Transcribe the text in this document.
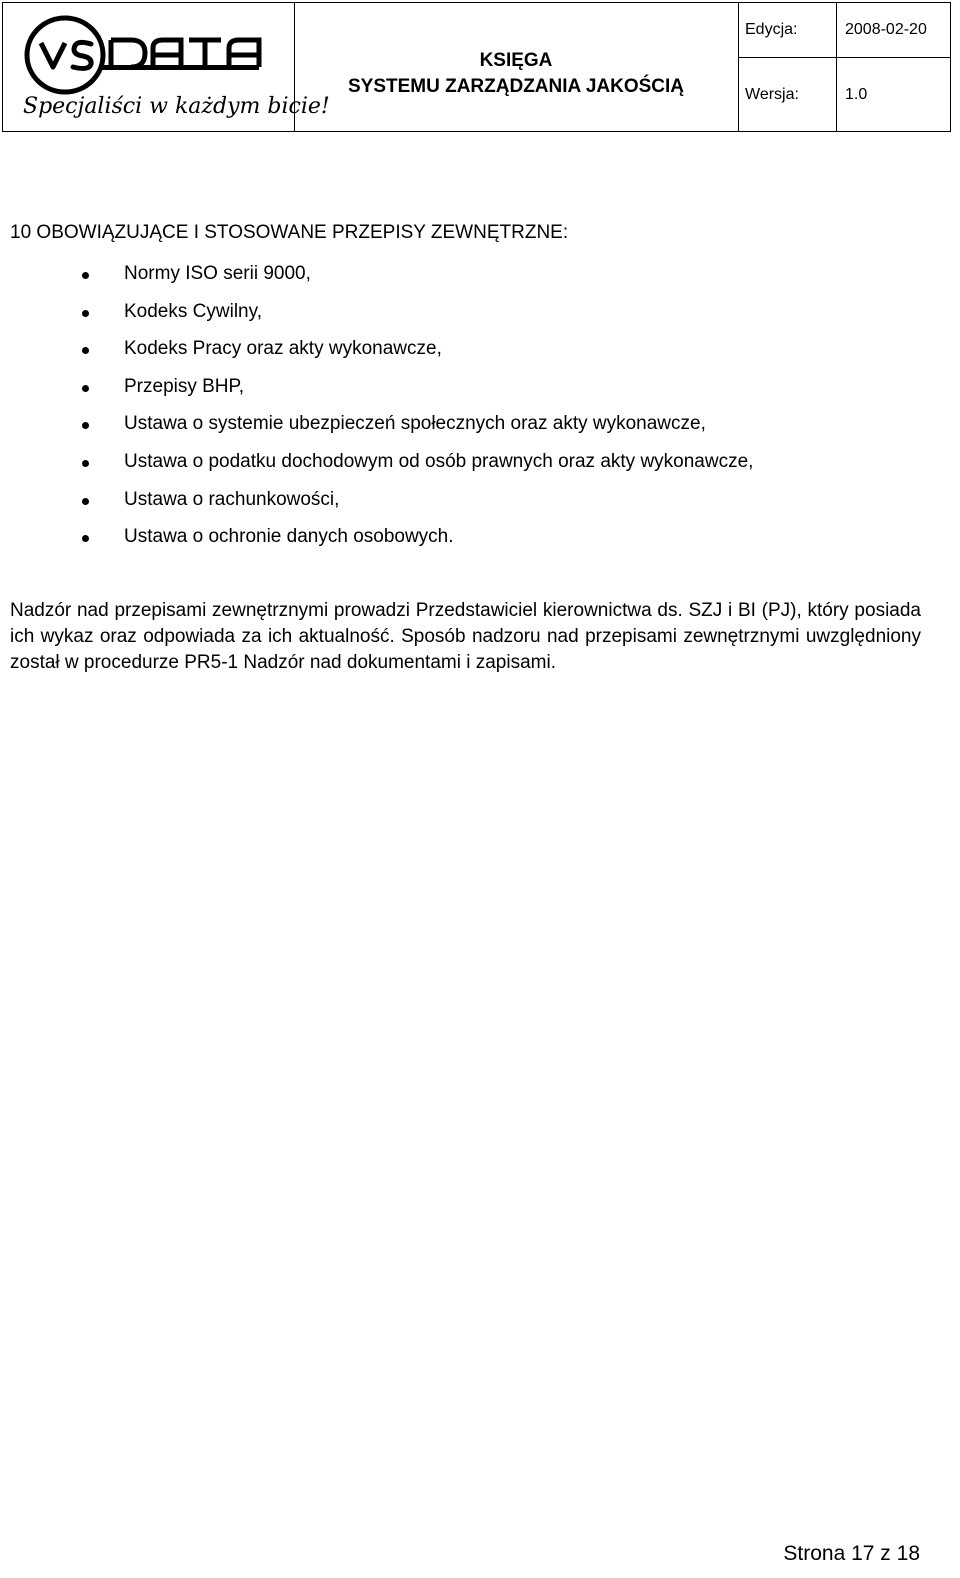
Specjaliści w każdym bicie!
KSIĘGA
SYSTEMU ZARZĄDZANIA JAKOŚCIĄ
Edycja:	2008-02-20
Wersja:	1.0
10 OBOWIĄZUJĄCE I STOSOWANE PRZEPISY ZEWNĘTRZNE:
Normy ISO serii 9000,
Kodeks Cywilny,
Kodeks Pracy oraz akty wykonawcze,
Przepisy BHP,
Ustawa o systemie ubezpieczeń społecznych oraz akty wykonawcze,
Ustawa o podatku dochodowym od osób prawnych oraz akty wykonawcze,
Ustawa o rachunkowości,
Ustawa o ochronie danych osobowych.

Nadzór nad przepisami zewnętrznymi prowadzi Przedstawiciel kierownictwa ds. SZJ i BI (PJ), który posiada ich wykaz oraz odpowiada za ich aktualność. Sposób nadzoru nad przepisami zewnętrznymi uwzględniony został w procedurze PR5-1 Nadzór nad dokumentami i zapisami.

Strona 17 z 18
